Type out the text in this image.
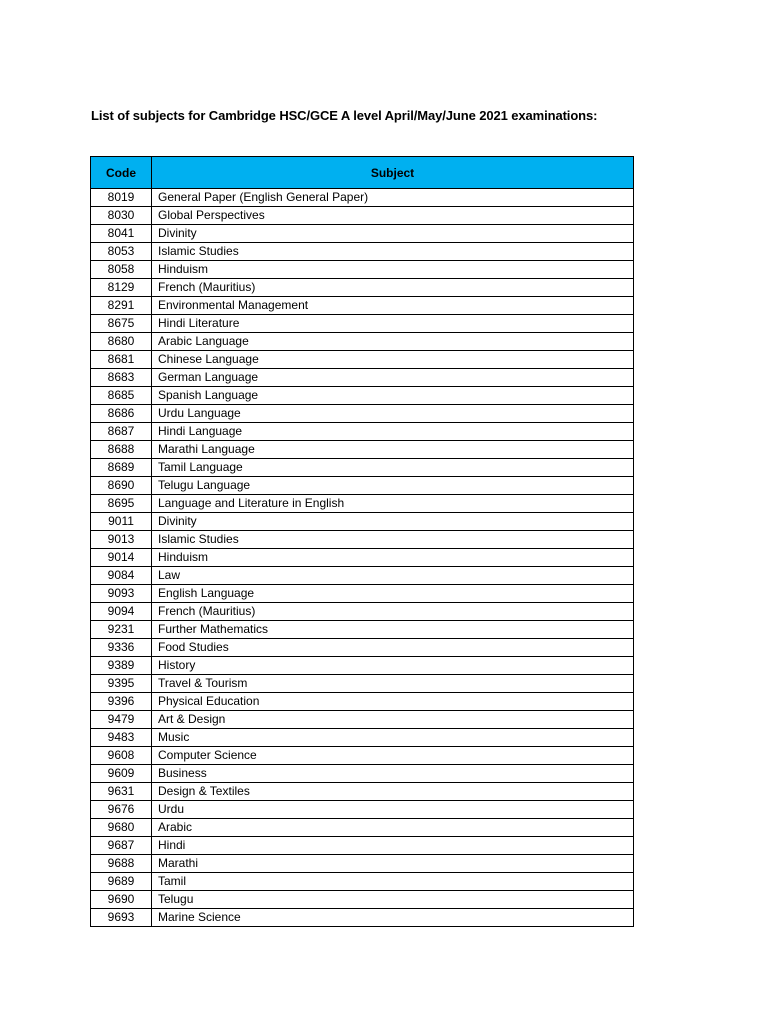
List of subjects for Cambridge HSC/GCE A level April/May/June 2021 examinations:
Code	Subject
8019	General Paper (English General Paper)
8030	Global Perspectives
8041	Divinity
8053	Islamic Studies
8058	Hinduism
8129	French (Mauritius)
8291	Environmental Management
8675	Hindi Literature
8680	Arabic Language
8681	Chinese Language
8683	German Language
8685	Spanish Language
8686	Urdu Language
8687	Hindi Language
8688	Marathi Language
8689	Tamil Language
8690	Telugu Language
8695	Language and Literature in English
9011	Divinity
9013	Islamic Studies
9014	Hinduism
9084	Law
9093	English Language
9094	French (Mauritius)
9231	Further Mathematics
9336	Food Studies
9389	History
9395	Travel & Tourism
9396	Physical Education
9479	Art & Design
9483	Music
9608	Computer Science
9609	Business
9631	Design & Textiles
9676	Urdu
9680	Arabic
9687	Hindi
9688	Marathi
9689	Tamil
9690	Telugu
9693	Marine Science
